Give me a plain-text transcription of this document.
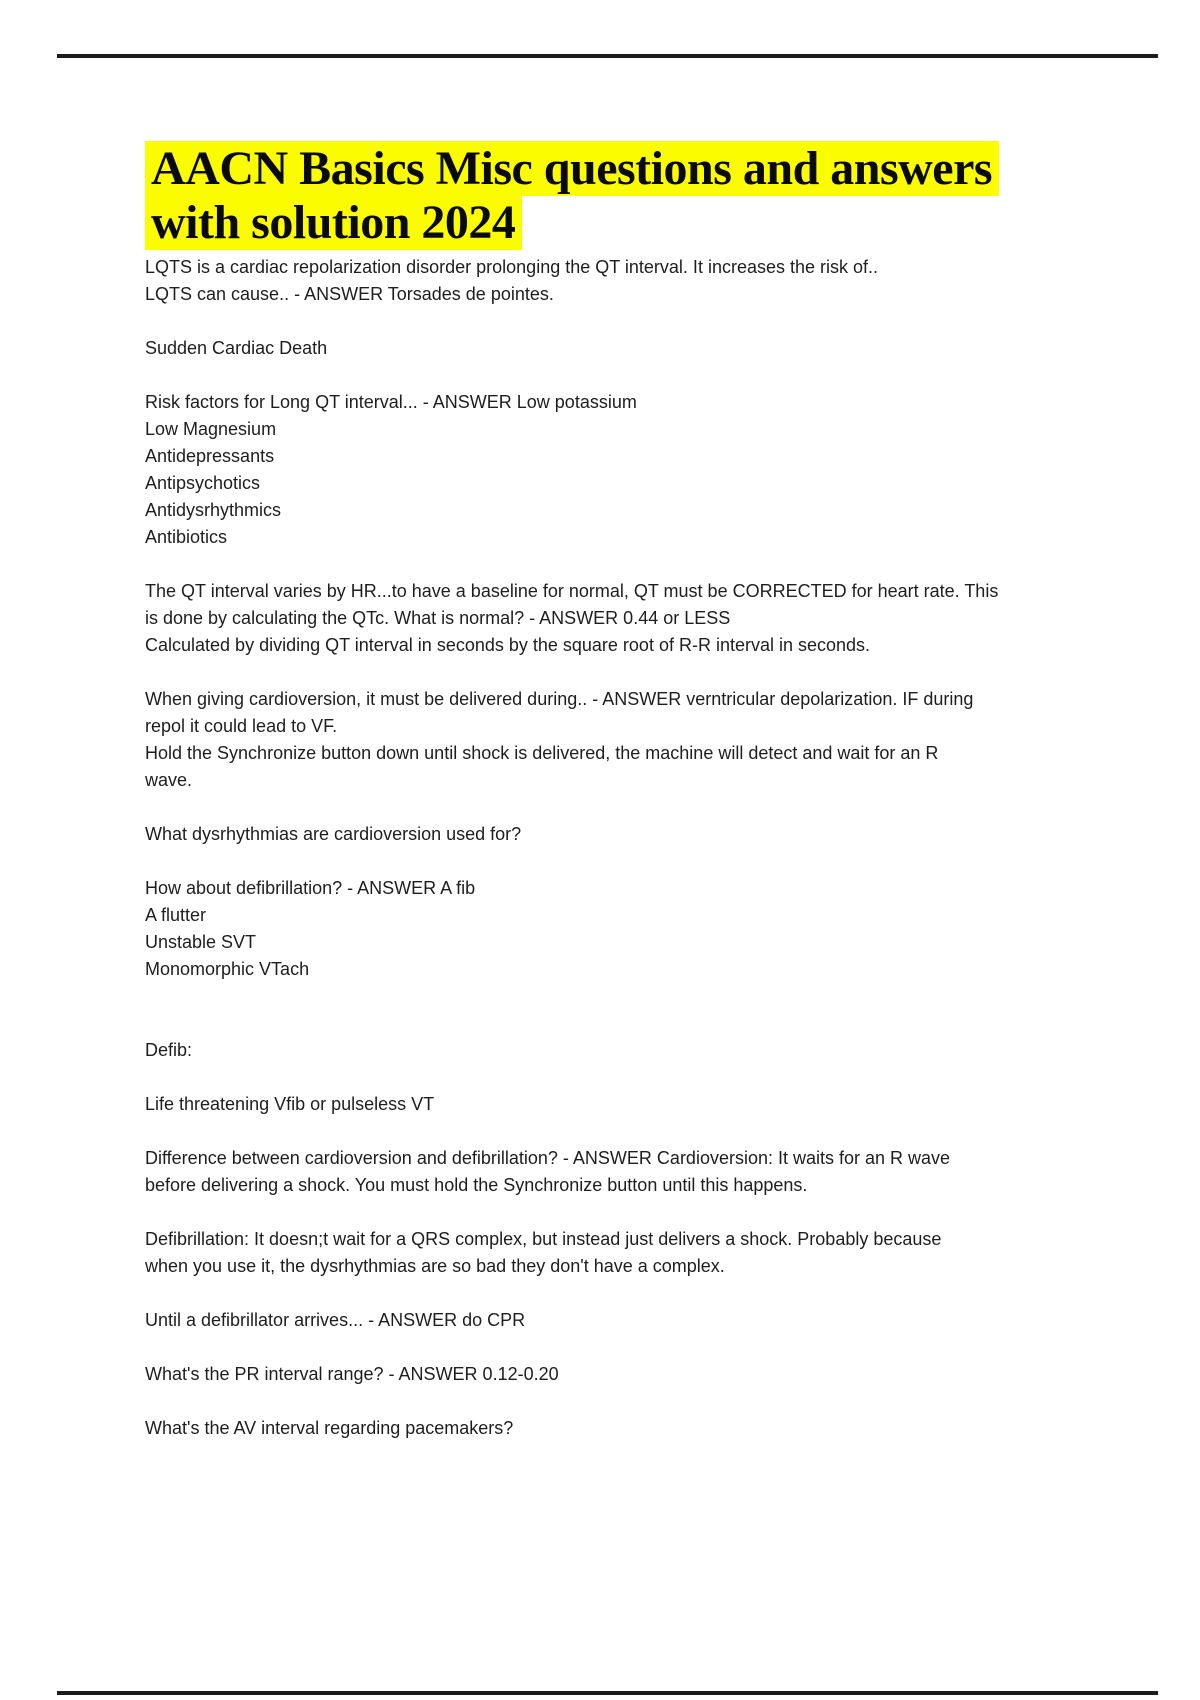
AACN Basics Misc questions and answers
with solution 2024
LQTS is a cardiac repolarization disorder prolonging the QT interval. It increases the risk of..
LQTS can cause.. - ANSWER Torsades de pointes.
Sudden Cardiac Death
Risk factors for Long QT interval... - ANSWER Low potassium
Low Magnesium
Antidepressants
Antipsychotics
Antidysrhythmics
Antibiotics
The QT interval varies by HR...to have a baseline for normal, QT must be CORRECTED for heart rate. This
is done by calculating the QTc. What is normal? - ANSWER 0.44 or LESS
Calculated by dividing QT interval in seconds by the square root of R-R interval in seconds.
When giving cardioversion, it must be delivered during.. - ANSWER verntricular depolarization. IF during
repol it could lead to VF.
Hold the Synchronize button down until shock is delivered, the machine will detect and wait for an R
wave.
What dysrhythmias are cardioversion used for?
How about defibrillation? - ANSWER A fib
A flutter
Unstable SVT
Monomorphic VTach
Defib:
Life threatening Vfib or pulseless VT
Difference between cardioversion and defibrillation? - ANSWER Cardioversion: It waits for an R wave
before delivering a shock. You must hold the Synchronize button until this happens.
Defibrillation: It doesn;t wait for a QRS complex, but instead just delivers a shock. Probably because
when you use it, the dysrhythmias are so bad they don't have a complex.
Until a defibrillator arrives... - ANSWER do CPR
What's the PR interval range? - ANSWER 0.12-0.20
What's the AV interval regarding pacemakers?
